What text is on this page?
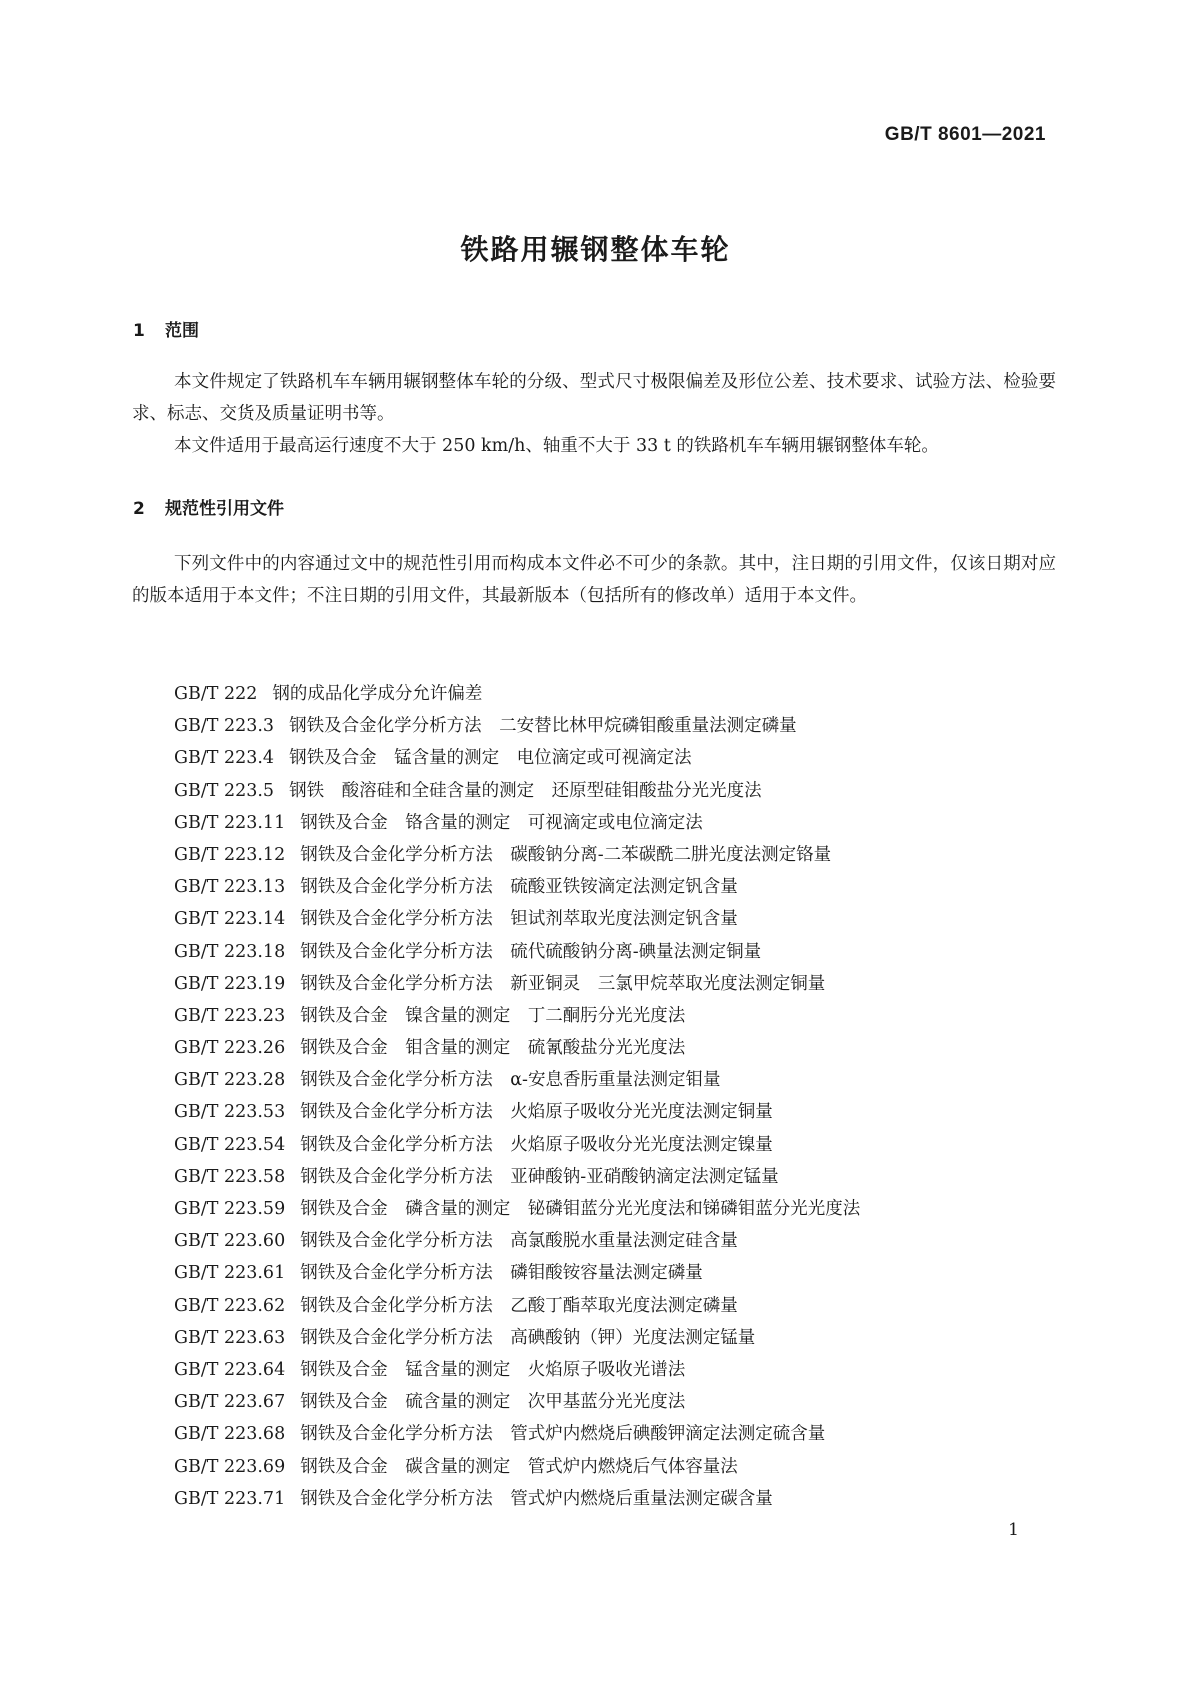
GB/T 8601—2021
铁路用辗钢整体车轮
1 范围
本文件规定了铁路机车车辆用辗钢整体车轮的分级、型式尺寸极限偏差及形位公差、技术要求、试验方法、检验要求、标志、交货及质量证明书等。
本文件适用于最高运行速度不大于 250 km/h、轴重不大于 33 t 的铁路机车车辆用辗钢整体车轮。
2 规范性引用文件
下列文件中的内容通过文中的规范性引用而构成本文件必不可少的条款。其中，注日期的引用文件，仅该日期对应的版本适用于本文件；不注日期的引用文件，其最新版本（包括所有的修改单）适用于本文件。
GB/T 222 钢的成品化学成分允许偏差
GB/T 223.3 钢铁及合金化学分析方法　二安替比林甲烷磷钼酸重量法测定磷量
GB/T 223.4 钢铁及合金　锰含量的测定　电位滴定或可视滴定法
GB/T 223.5 钢铁　酸溶硅和全硅含量的测定　还原型硅钼酸盐分光光度法
GB/T 223.11 钢铁及合金　铬含量的测定　可视滴定或电位滴定法
GB/T 223.12 钢铁及合金化学分析方法　碳酸钠分离-二苯碳酰二肼光度法测定铬量
GB/T 223.13 钢铁及合金化学分析方法　硫酸亚铁铵滴定法测定钒含量
GB/T 223.14 钢铁及合金化学分析方法　钽试剂萃取光度法测定钒含量
GB/T 223.18 钢铁及合金化学分析方法　硫代硫酸钠分离-碘量法测定铜量
GB/T 223.19 钢铁及合金化学分析方法　新亚铜灵　三氯甲烷萃取光度法测定铜量
GB/T 223.23 钢铁及合金　镍含量的测定　丁二酮肟分光光度法
GB/T 223.26 钢铁及合金　钼含量的测定　硫氰酸盐分光光度法
GB/T 223.28 钢铁及合金化学分析方法　α-安息香肟重量法测定钼量
GB/T 223.53 钢铁及合金化学分析方法　火焰原子吸收分光光度法测定铜量
GB/T 223.54 钢铁及合金化学分析方法　火焰原子吸收分光光度法测定镍量
GB/T 223.58 钢铁及合金化学分析方法　亚砷酸钠-亚硝酸钠滴定法测定锰量
GB/T 223.59 钢铁及合金　磷含量的测定　铋磷钼蓝分光光度法和锑磷钼蓝分光光度法
GB/T 223.60 钢铁及合金化学分析方法　高氯酸脱水重量法测定硅含量
GB/T 223.61 钢铁及合金化学分析方法　磷钼酸铵容量法测定磷量
GB/T 223.62 钢铁及合金化学分析方法　乙酸丁酯萃取光度法测定磷量
GB/T 223.63 钢铁及合金化学分析方法　高碘酸钠（钾）光度法测定锰量
GB/T 223.64 钢铁及合金　锰含量的测定　火焰原子吸收光谱法
GB/T 223.67 钢铁及合金　硫含量的测定　次甲基蓝分光光度法
GB/T 223.68 钢铁及合金化学分析方法　管式炉内燃烧后碘酸钾滴定法测定硫含量
GB/T 223.69 钢铁及合金　碳含量的测定　管式炉内燃烧后气体容量法
GB/T 223.71 钢铁及合金化学分析方法　管式炉内燃烧后重量法测定碳含量
1
